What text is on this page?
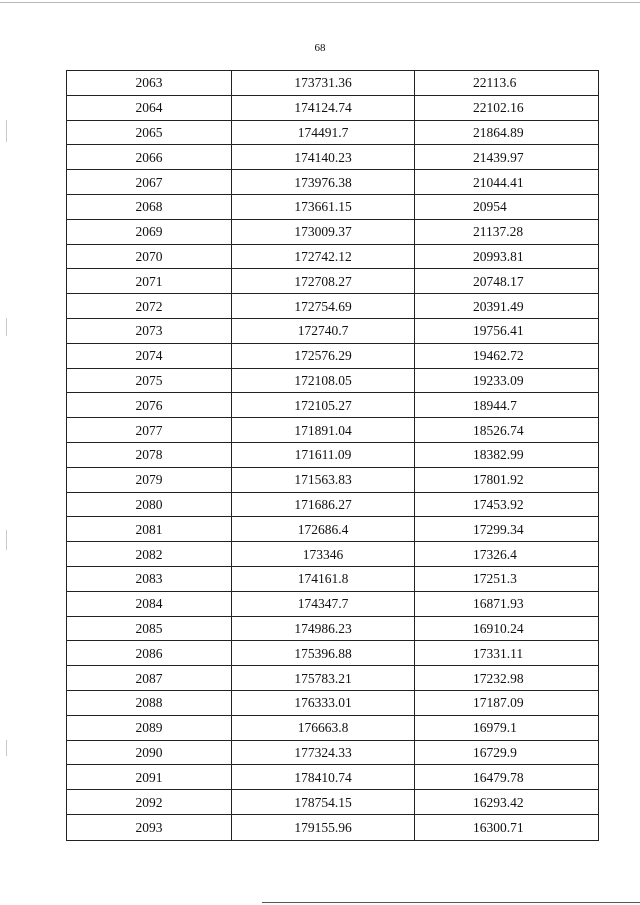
68
2063	173731.36	22113.6
2064	174124.74	22102.16
2065	174491.7	21864.89
2066	174140.23	21439.97
2067	173976.38	21044.41
2068	173661.15	20954
2069	173009.37	21137.28
2070	172742.12	20993.81
2071	172708.27	20748.17
2072	172754.69	20391.49
2073	172740.7	19756.41
2074	172576.29	19462.72
2075	172108.05	19233.09
2076	172105.27	18944.7
2077	171891.04	18526.74
2078	171611.09	18382.99
2079	171563.83	17801.92
2080	171686.27	17453.92
2081	172686.4	17299.34
2082	173346	17326.4
2083	174161.8	17251.3
2084	174347.7	16871.93
2085	174986.23	16910.24
2086	175396.88	17331.11
2087	175783.21	17232.98
2088	176333.01	17187.09
2089	176663.8	16979.1
2090	177324.33	16729.9
2091	178410.74	16479.78
2092	178754.15	16293.42
2093	179155.96	16300.71
